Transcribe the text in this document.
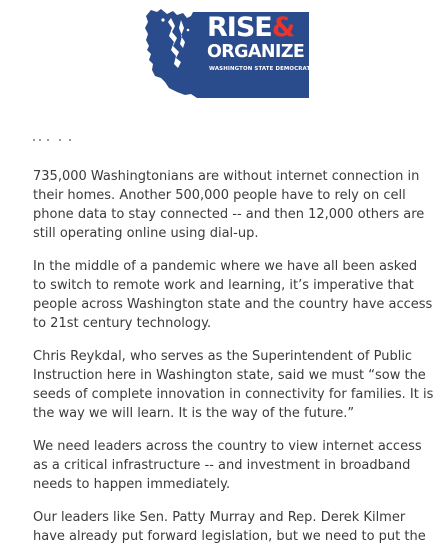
RISE&
ORGANIZE
WASHINGTON STATE DEMOCRATS

735,000 Washingtonians are without internet connection in
their homes. Another 500,000 people have to rely on cell
phone data to stay connected -- and then 12,000 others are
still operating online using dial-up.

In the middle of a pandemic where we have all been asked
to switch to remote work and learning, it’s imperative that
people across Washington state and the country have access
to 21st century technology.

Chris Reykdal, who serves as the Superintendent of Public
Instruction here in Washington state, said we must “sow the
seeds of complete innovation in connectivity for families. It is
the way we will learn. It is the way of the future.”

We need leaders across the country to view internet access
as a critical infrastructure -- and investment in broadband
needs to happen immediately.

Our leaders like Sen. Patty Murray and Rep. Derek Kilmer
have already put forward legislation, but we need to put the
